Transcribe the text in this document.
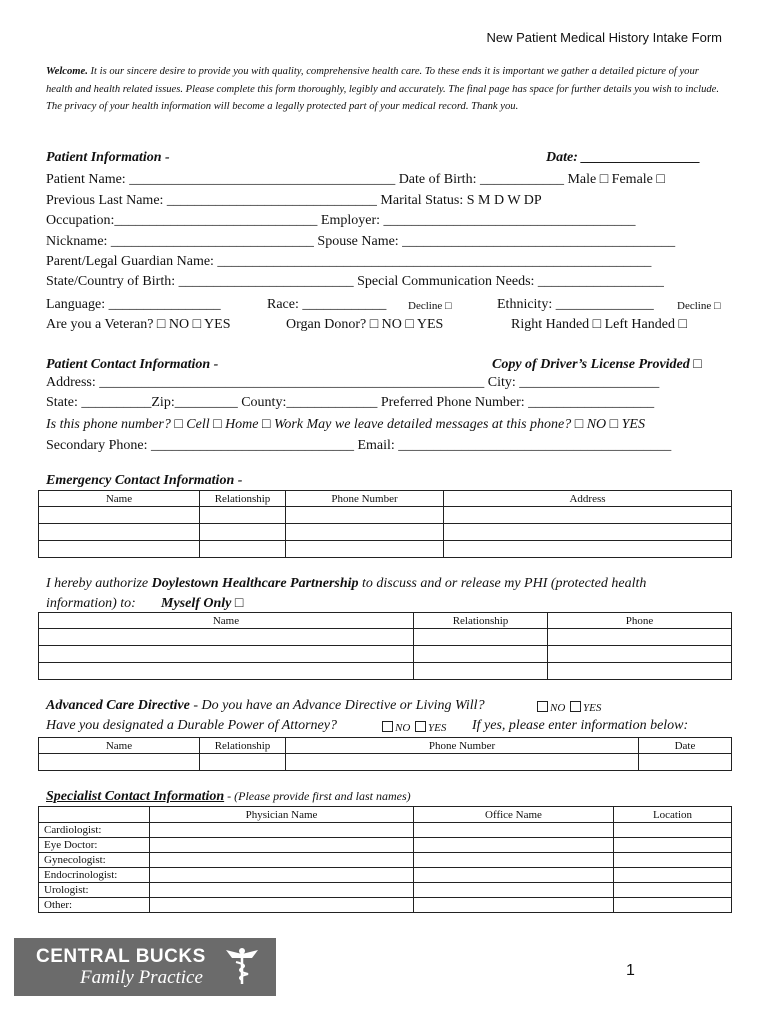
New Patient Medical History Intake Form
Welcome. It is our sincere desire to provide you with quality, comprehensive health care. To these ends it is important we gather a detailed picture of your health and health related issues. Please complete this form thoroughly, legibly and accurately. The final page has space for further details you wish to include. The privacy of your health information will become a legally protected part of your medical record. Thank you.
Patient Information -	Date: _________________
Patient Name: ______________________________________ Date of Birth: ____________ Male □ Female □
Previous Last Name: ______________________________ Marital Status: S M D W DP
Occupation:_____________________________ Employer: ____________________________________
Nickname: _____________________________ Spouse Name: _______________________________________
Parent/Legal Guardian Name: ______________________________________________________________
State/Country of Birth: _________________________ Special Communication Needs: __________________
Language: ________________	Race: ____________ Decline □	Ethnicity: ______________ Decline □
Are you a Veteran? □ NO □ YES	Organ Donor? □ NO □ YES	Right Handed □ Left Handed □
Patient Contact Information -	Copy of Driver’s License Provided □
Address: _______________________________________________________ City: ____________________
State: __________Zip:_________ County:_____________ Preferred Phone Number: __________________
Is this phone number? □ Cell □ Home □ Work May we leave detailed messages at this phone? □ NO □ YES
Secondary Phone: _____________________________ Email: _______________________________________
Emergency Contact Information -
Name	Relationship	Phone Number	Address

I hereby authorize Doylestown Healthcare Partnership to discuss and or release my PHI (protected health
information) to: Myself Only □
Name	Relationship	Phone

Advanced Care Directive - Do you have an Advance Directive or Living Will?	NO YES
Have you designated a Durable Power of Attorney?	NO YES If yes, please enter information below:
Name	Relationship	Phone Number	Date

Specialist Contact Information - (Please provide first and last names)
	Physician Name	Office Name	Location
Cardiologist:			
Eye Doctor:			
Gynecologist:			
Endocrinologist:			
Urologist:			
Other:			
CENTRAL BUCKS
Family Practice	1
